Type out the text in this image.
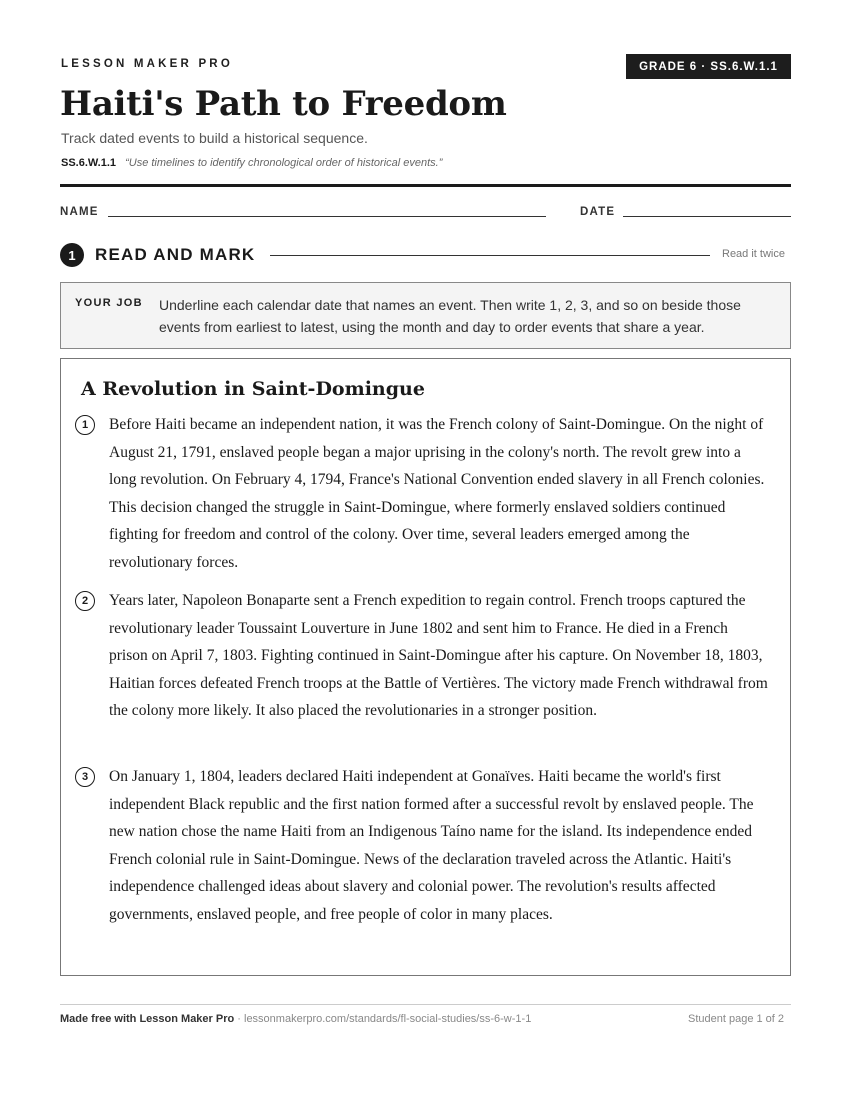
LESSON MAKER PRO	GRADE 6 · SS.6.W.1.1
Haiti's Path to Freedom
Track dated events to build a historical sequence.
SS.6.W.1.1 “Use timelines to identify chronological order of historical events.”
NAME	DATE
1	READ AND MARK	Read it twice
YOUR JOB Underline each calendar date that names an event. Then write 1, 2, 3, and so on beside those events from earliest to latest, using the month and day to order events that share a year.
A Revolution in Saint-Domingue
1	Before Haiti became an independent nation, it was the French colony of Saint-Domingue. On the night of August 21, 1791, enslaved people began a major uprising in the colony's north. The revolt grew into a long revolution. On February 4, 1794, France's National Convention ended slavery in all French colonies. This decision changed the struggle in Saint-Domingue, where formerly enslaved soldiers continued fighting for freedom and control of the colony. Over time, several leaders emerged among the revolutionary forces.
2	Years later, Napoleon Bonaparte sent a French expedition to regain control. French troops captured the revolutionary leader Toussaint Louverture in June 1802 and sent him to France. He died in a French prison on April 7, 1803. Fighting continued in Saint-Domingue after his capture. On November 18, 1803, Haitian forces defeated French troops at the Battle of Vertières. The victory made French withdrawal from the colony more likely. It also placed the revolutionaries in a stronger position.
3	On January 1, 1804, leaders declared Haiti independent at Gonaïves. Haiti became the world's first independent Black republic and the first nation formed after a successful revolt by enslaved people. The new nation chose the name Haiti from an Indigenous Taíno name for the island. Its independence ended French colonial rule in Saint-Domingue. News of the declaration traveled across the Atlantic. Haiti's independence challenged ideas about slavery and colonial power. The revolution's results affected governments, enslaved people, and free people of color in many places.
Made free with Lesson Maker Pro · lessonmakerpro.com/standards/fl-social-studies/ss-6-w-1-1	Student page 1 of 2
